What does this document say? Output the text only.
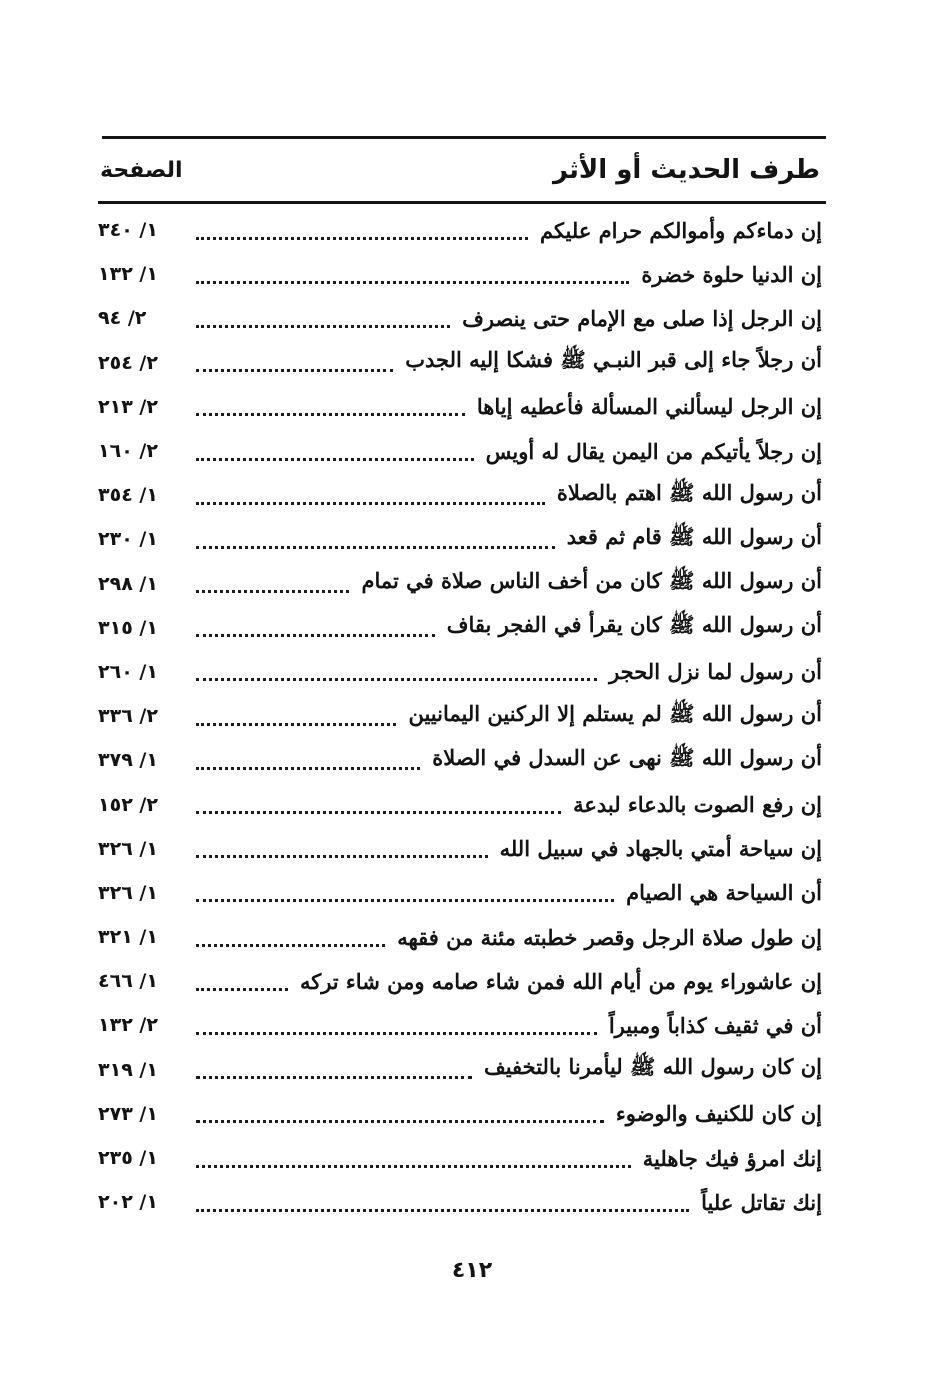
طرف الحديث أو الأثر
الصفحة
إن دماءكم وأموالكم حرام عليكم
١/ ٣٤٠
إن الدنيا حلوة خضرة
١/ ١٣٢
إن الرجل إذا صلى مع الإمام حتى ينصرف
٢/ ٩٤
أن رجلاً جاء إلى قبر النبـي ﷺ فشكا إليه الجدب
٢/ ٢٥٤
إن الرجل ليسألني المسألة فأعطيه إياها
٢/ ٢١٣
إن رجلاً يأتيكم من اليمن يقال له أويس
٢/ ١٦٠
أن رسول الله ﷺ اهتم بالصلاة
١/ ٣٥٤
أن رسول الله ﷺ قام ثم قعد
١/ ٢٣٠
أن رسول الله ﷺ كان من أخف الناس صلاة في تمام
١/ ٢٩٨
أن رسول الله ﷺ كان يقرأ في الفجر بقاف
١/ ٣١٥
أن رسول لما نزل الحجر
١/ ٢٦٠
أن رسول الله ﷺ لم يستلم إلا الركنين اليمانيين
٢/ ٣٣٦
أن رسول الله ﷺ نهى عن السدل في الصلاة
١/ ٣٧٩
إن رفع الصوت بالدعاء لبدعة
٢/ ١٥٢
إن سياحة أمتي بالجهاد في سبيل الله
١/ ٣٢٦
أن السياحة هي الصيام
١/ ٣٢٦
إن طول صلاة الرجل وقصر خطبته مئنة من فقهه
١/ ٣٢١
إن عاشوراء يوم من أيام الله فمن شاء صامه ومن شاء تركه
١/ ٤٦٦
أن في ثقيف كذاباً ومبيراً
٢/ ١٣٢
إن كان رسول الله ﷺ ليأمرنا بالتخفيف
١/ ٣١٩
إن كان للكنيف والوضوء
١/ ٢٧٣
إنك امرؤ فيك جاهلية
١/ ٢٣٥
إنك تقاتل علياً
١/ ٢٠٢
٤١٢
